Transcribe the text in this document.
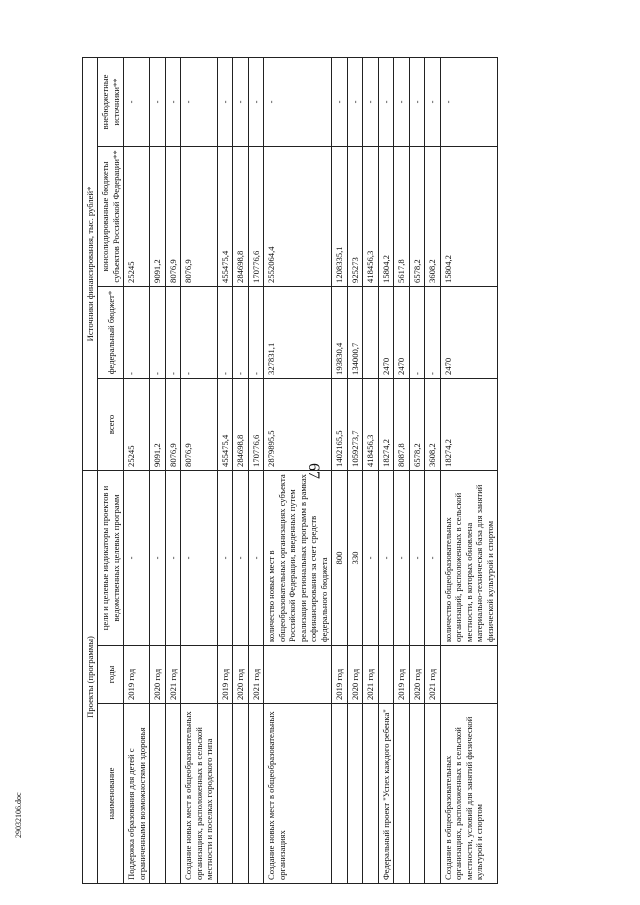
67
29032106.doc
Проекты (программы)			Источники финансирования, тыс. рублей*			
наименование	годы	цели и целевые индикаторы проектов и ведомственных целевых программ	всего	федеральный бюджет*	консолидированные бюджеты субъектов Российской Федерации**	внебюджетные источники**
Поддержка образования для детей с ограниченными возможностями здоровья	2019 год	-	25245	-	25245	-
	2020 год	-	9091,2	-	9091,2	-
	2021 год	-	8076,9	-	8076,9	-
Создание новых мест в общеобразовательных организациях, расположенных в сельской местности и поселках городского типа		-	8076,9	-	8076,9	-
	2019 год	-	455475,4	-	455475,4	-
	2020 год	-	284698,8	-	284698,8	-
	2021 год	-	170776,6	-	170776,6	-
Создание новых мест в общеобразовательных организациях		количество новых мест в общеобразовательных организациях субъекта Российской Федерации, введенных путем реализации региональных программ в рамках софинансирования за счет средств федерального бюджета	2879895,5	327831,1	2552064,4	-
	2019 год	800	1402165,5	193830,4	1208335,1	-
	2020 год	330	1059273,7	134000,7	925273	-
	2021 год	-	418456,3		418456,3	-
Федеральный проект "Успех каждого ребенка"		-	18274,2	2470	15804,2	-
	2019 год	-	8087,8	2470	5617,8	-
	2020 год	-	6578,2	-	6578,2	-
	2021 год	-	3608,2	-	3608,2	-
Создание в общеобразовательных организациях, расположенных в сельской местности, условий для занятий физической культурой и спортом		количество общеобразовательных организаций, расположенных в сельской местности, в которых обновлена материально-техническая база для занятий физической культурой и спортом	18274,2	2470	15804,2	-
